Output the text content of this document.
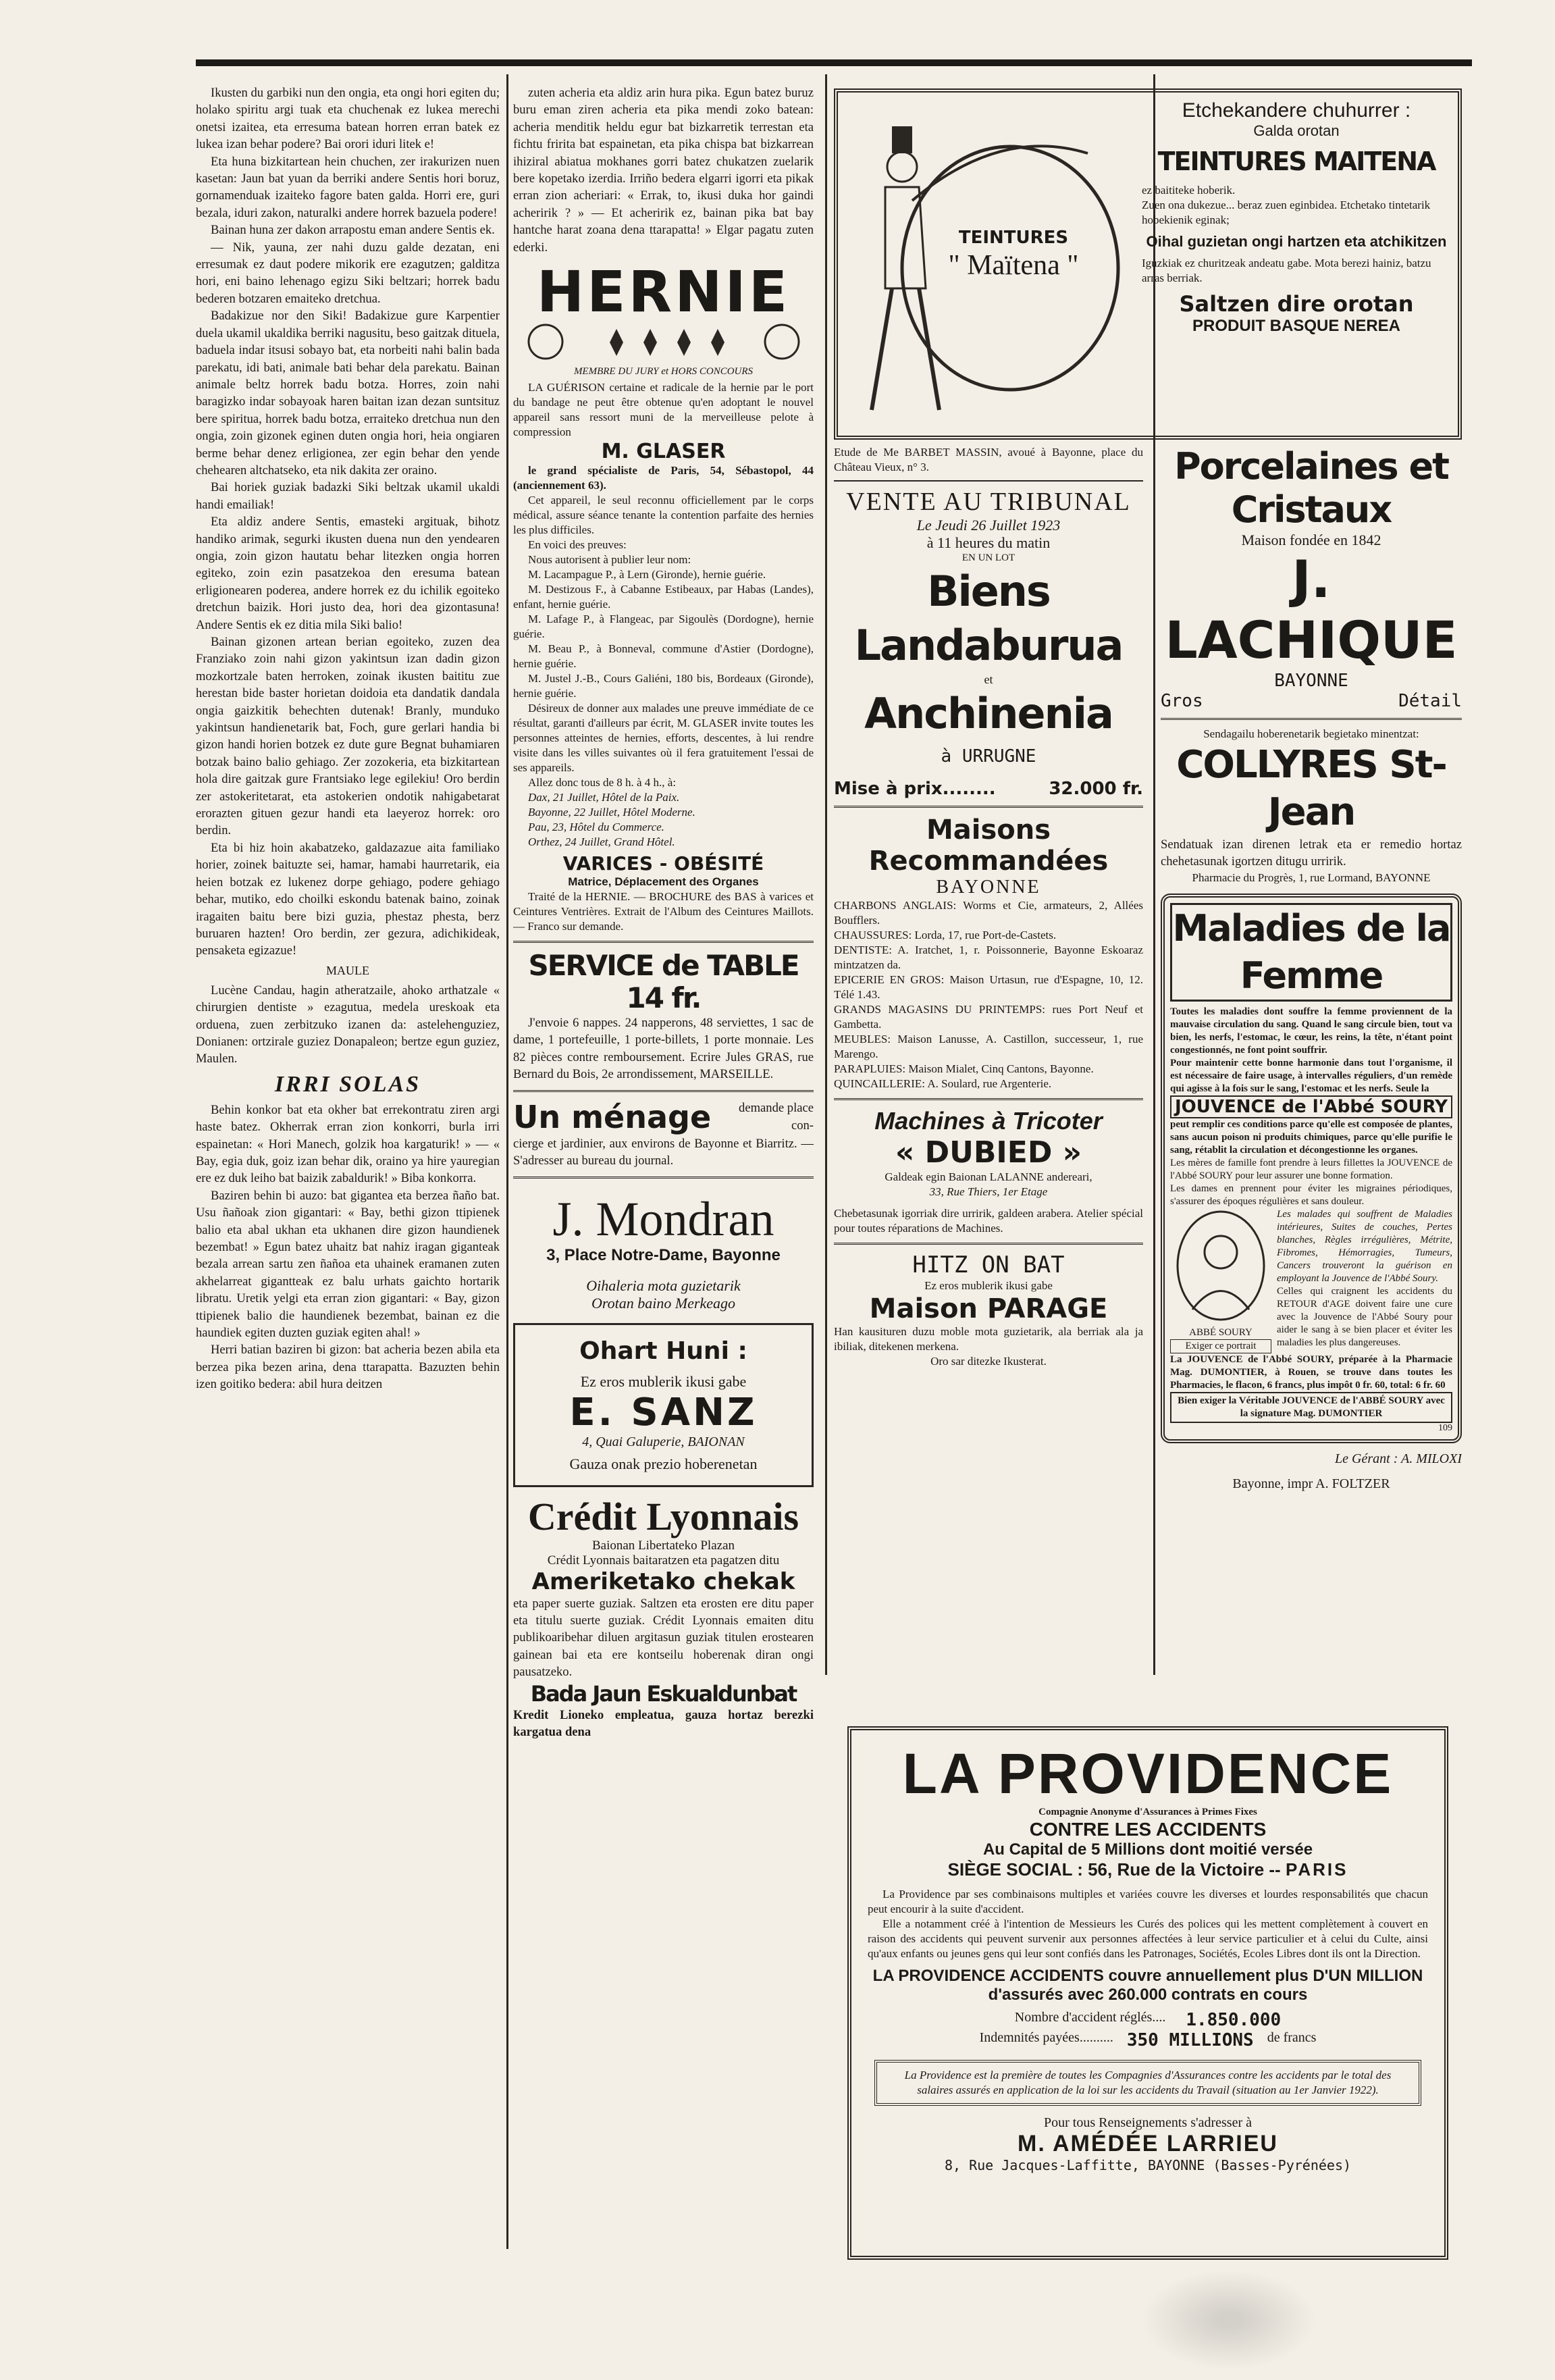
Ikusten du garbiki nun den ongia, eta ongi hori egiten du; holako spiritu argi tuak eta chuchenak ez lukea merechi onetsi izaitea, eta erresuma batean horren erran batek ez lukea izan behar podere? Bai orori iduri litek e!

Eta huna bizkitartean hein chuchen, zer irakurizen nuen kasetan: Jaun bat yuan da berriki andere Sentis hori boruz, gornamenduak izaiteko fagore baten galda. Horri ere, guri bezala, iduri zakon, naturalki andere horrek bazuela podere!

Bainan huna zer dakon arrapostu eman andere Sentis ek.

— Nik, yauna, zer nahi duzu galde dezatan, eni erresumak ez daut podere mikorik ere ezagutzen; galditza hori, eni baino lehenago egizu Siki beltzari; horrek badu bederen botzaren emaiteko dretchua.

Badakizue nor den Siki! Badakizue gure Karpentier duela ukamil ukaldika berriki nagusitu, beso gaitzak dituela, baduela indar itsusi sobayo bat, eta norbeiti nahi balin bada parekatu, idi bati, animale bati behar dela parekatu. Bainan animale beltz horrek badu botza. Horres, zoin nahi baragizko indar sobayoak haren baitan izan dezan suntsituz bere spiritua, horrek badu botza, erraiteko dretchua nun den ongia, zoin gizonek eginen duten ongia hori, heia ongiaren berme behar denez erligionea, zer egin behar den yende chehearen altchatseko, eta nik dakita zer oraino.

Bai horiek guziak badazki Siki beltzak ukamil ukaldi handi emailiak!

Eta aldiz andere Sentis, emasteki argituak, bihotz handiko arimak, segurki ikusten duena nun den yendearen ongia, zoin gizon hautatu behar litezken ongia horren egiteko, zoin ezin pasatzekoa den eresuma batean erligionearen poderea, andere horrek ez du ichilik egoiteko dretchun baizik. Hori justo dea, hori dea gizontasuna! Andere Sentis ek ez ditia mila Siki balio!

Bainan gizonen artean berian egoiteko, zuzen dea Franziako zoin nahi gizon yakintsun izan dadin gizon mozkortzale baten herroken, zoinak ikusten baititu zue herestan bide baster horietan doidoia eta dandatik dandala ongia gaizkitik behechten dutenak! Branly, munduko yakintsun handienetarik bat, Foch, gure gerlari handia bi gizon handi horien botzek ez dute gure Begnat buhamiaren botzak baino balio gehiago. Zer zozokeria, eta bizkitartean hola dire gaitzak gure Frantsiako lege egilekiu! Oro berdin zer astokeritetarat, eta astokerien ondotik nahigabetarat erorazten gituen gezur handi eta laeyeroz horrek: oro berdin.

Eta bi hiz hoin akabatzeko, galdazazue aita familiako horier, zoinek baituzte sei, hamar, hamabi haurretarik, eia heien botzak ez lukenez dorpe gehiago, podere gehiago behar, mutiko, edo choilki eskondu batenak baino, zoinak iragaiten baitu bere bizi guzia, phestaz phesta, berz buruaren hazten! Oro berdin, zer gezura, adichikideak, pensaketa egizazue!

MAULE

Lucène Candau, hagin atheratzaile, ahoko arthatzale « chirurgien dentiste » ezagutua, medela ureskoak eta orduena, zuen zerbitzuko izanen da: astelehenguziez, Donianen: ortzirale guziez Donapaleon; bertze egun guziez, Maulen.

IRRI SOLAS

Behin konkor bat eta okher bat errekontratu ziren argi haste batez. Okherrak erran zion konkorri, burla irri espainetan: « Hori Manech, golzik hoa kargaturik! » — « Bay, egia duk, goiz izan behar dik, oraino ya hire yauregian ere ez duk leiho bat baizik zabaldurik! » Biba konkorra.

Baziren behin bi auzo: bat gigantea eta berzea ñaño bat. Usu ñañoak zion gigantari: « Bay, bethi gizon ttipienek balio eta abal ukhan eta ukhanen dire gizon haundienek bezembat! » Egun batez uhaitz bat nahiz iragan giganteak bezala arrean sartu zen ñañoa eta uhainek eramanen zuten akhelarreat gigantteak ez balu urhats gaichto hortarik libratu. Uretik yelgi eta erran zion gigantari: « Bay, gizon ttipienek balio die haundienek bezembat, bainan ez die haundiek egiten duzten guziak egiten ahal! »

Herri batian baziren bi gizon: bat acheria bezen abila eta berzea pika bezen arina, dena ttarapatta. Bazuzten behin izen goitiko bedera: abil hura deitzen

zuten acheria eta aldiz arin hura pika. Egun batez buruz buru eman ziren acheria eta pika mendi zoko batean: acheria menditik heldu egur bat bizkarretik terrestan eta fichtu fririta bat espainetan, eta pika chispa bat bizkarrean ihiziral abiatua mokhanes gorri batez chukatzen zuelarik bere kopetako izerdia. Irriño bedera elgarri igorri eta pikak erran zion acheriari: « Errak, to, ikusi duka hor gaindi acheririk ? » — Et acheririk ez, bainan pika bat bay hantche harat zoana dena ttarapatta! » Elgar pagatu zuten ederki.

HERNIE
MEMBRE DU JURY et HORS CONCOURS

LA GUÉRISON certaine et radicale de la hernie par le port du bandage ne peut être obtenue qu'en adoptant le nouvel appareil sans ressort muni de la merveilleuse pelote à compression

M. GLASER

le grand spécialiste de Paris, 54, Sébastopol, 44 (anciennement 63).

Cet appareil, le seul reconnu officiellement par le corps médical, assure séance tenante la contention parfaite des hernies les plus difficiles.

En voici des preuves:

Nous autorisent à publier leur nom:

M. Lacampague P., à Lern (Gironde), hernie guérie.

M. Destizous F., à Cabanne Estibeaux, par Habas (Landes), enfant, hernie guérie.

M. Lafage P., à Flangeac, par Sigoulès (Dordogne), hernie guérie.

M. Beau P., à Bonneval, commune d'Astier (Dordogne), hernie guérie.

M. Justel J.-B., Cours Galiéni, 180 bis, Bordeaux (Gironde), hernie guérie.

Désireux de donner aux malades une preuve immédiate de ce résultat, garanti d'ailleurs par écrit, M. GLASER invite toutes les personnes atteintes de hernies, efforts, descentes, à lui rendre visite dans les villes suivantes où il fera gratuitement l'essai de ses appareils.

Allez donc tous de 8 h. à 4 h., à:

Dax, 21 Juillet, Hôtel de la Paix.

Bayonne, 22 Juillet, Hôtel Moderne.

Pau, 23, Hôtel du Commerce.

Orthez, 24 Juillet, Grand Hôtel.

VARICES - OBÉSITÉ
Matrice, Déplacement des Organes

Traité de la HERNIE. — BROCHURE des BAS à varices et Ceintures Ventrières. Extrait de l'Album des Ceintures Maillots. — Franco sur demande.

SERVICE de TABLE 14 fr.

J'envoie 6 nappes. 24 napperons, 48 serviettes, 1 sac de dame, 1 portefeuille, 1 porte-billets, 1 porte monnaie. Les 82 pièces contre remboursement. Ecrire Jules GRAS, rue Bernard du Bois, 2e arrondissement, MARSEILLE.

Un ménage	demande place con-

cierge et jardinier, aux environs de Bayonne et Biarritz. — S'adresser au bureau du journal.

J. Mondran
3, Place Notre-Dame, Bayonne
Oihaleria mota guzietarik
Orotan baino Merkeago
Ohart Huni :
Ez eros mublerik ikusi gabe
E. SANZ
4, Quai Galuperie, BAIONAN
Gauza onak prezio hoberenetan
Crédit Lyonnais
Baionan Libertateko Plazan
Crédit Lyonnais baitaratzen eta pagatzen ditu
Ameriketako chekak

eta paper suerte guziak. Saltzen eta erosten ere ditu paper eta titulu suerte guziak. Crédit Lyonnais emaiten ditu publikoaribehar diluen argitasun guziak titulen erostearen gainean bai eta ere kontseilu hoberenak diran ongi pausatzeko.

Bada Jaun Eskualdunbat

Kredit Lioneko empleatua, gauza hortaz berezki kargatua dena

TEINTURES
" Maïtena "
Etchekandere chuhurrer :
Galda orotan
TEINTURES MAITENA
ez baititeke hoberik.
Zuen ona dukezue... beraz zuen eginbidea. Etchetako tintetarik hobekienik eginak;
Oihal guzietan ongi hartzen eta atchikitzen
Iguzkiak ez churitzeak andeatu gabe. Mota berezi hainiz, batzu arras berriak.
Saltzen dire orotan
PRODUIT BASQUE NEREA

Etude de Me BARBET MASSIN, avoué à Bayonne, place du Château Vieux, n° 3.

VENTE AU TRIBUNAL
Le Jeudi 26 Juillet 1923
à 11 heures du matin
EN UN LOT
Biens Landaburua
et
Anchinenia
à URRUGNE
Mise à prix........	32.000 fr.
Maisons Recommandées
BAYONNE

CHARBONS ANGLAIS: Worms et Cie, armateurs, 2, Allées Boufflers.

CHAUSSURES: Lorda, 17, rue Port-de-Castets.

DENTISTE: A. Iratchet, 1, r. Poissonnerie, Bayonne Eskoaraz mintzatzen da.

EPICERIE EN GROS: Maison Urtasun, rue d'Espagne, 10, 12. Télé 1.43.

GRANDS MAGASINS DU PRINTEMPS: rues Port Neuf et Gambetta.

MEUBLES: Maison Lanusse, A. Castillon, successeur, 1, rue Marengo.

PARAPLUIES: Maison Mialet, Cinq Cantons, Bayonne.

QUINCAILLERIE: A. Soulard, rue Argenterie.

Machines à Tricoter
« DUBIED »
Galdeak egin Baionan LALANNE andereari,
33, Rue Thiers, 1er Etage

Chebetasunak igorriak dire urririk, galdeen arabera. Atelier spécial pour toutes réparations de Machines.

HITZ ON BAT
Ez eros mublerik ikusi gabe
Maison PARAGE

Han kausituren duzu moble mota guzietarik, ala berriak ala ja ibiliak, ditekenen merkena.

Oro sar ditezke Ikusterat.
Porcelaines et Cristaux
Maison fondée en 1842
J. LACHIQUE
BAYONNE
Gros	Détail
Sendagailu hoberenetarik begietako minentzat:
COLLYRES St-Jean

Sendatuak izan direnen letrak eta er remedio hortaz chehetasunak igortzen ditugu urririk.

Pharmacie du Progrès, 1, rue Lormand, BAYONNE
Maladies de la Femme

Toutes les maladies dont souffre la femme proviennent de la mauvaise circulation du sang. Quand le sang circule bien, tout va bien, les nerfs, l'estomac, le cœur, les reins, la tête, n'étant point congestionnés, ne font point souffrir.

Pour maintenir cette bonne harmonie dans tout l'organisme, il est nécessaire de faire usage, à intervalles réguliers, d'un remède qui agisse à la fois sur le sang, l'estomac et les nerfs. Seule la

JOUVENCE de l'Abbé SOURY

peut remplir ces conditions parce qu'elle est composée de plantes, sans aucun poison ni produits chimiques, parce qu'elle purifie le sang, rétablit la circulation et décongestionne les organes.

Les mères de famille font prendre à leurs fillettes la JOUVENCE de l'Abbé SOURY pour leur assurer une bonne formation.

Les dames en prennent pour éviter les migraines périodiques, s'assurer des époques régulières et sans douleur.

ABBÉ SOURY
Exiger ce portrait

Les malades qui souffrent de Maladies intérieures, Suites de couches, Pertes blanches, Règles irrégulières, Métrite, Fibromes, Hémorragies, Tumeurs, Cancers trouveront la guérison en employant la Jouvence de l'Abbé Soury.

Celles qui craignent les accidents du RETOUR d'AGE doivent faire une cure avec la Jouvence de l'Abbé Soury pour aider le sang à se bien placer et éviter les maladies les plus dangereuses.

La JOUVENCE de l'Abbé SOURY, préparée à la Pharmacie Mag. DUMONTIER, à Rouen, se trouve dans toutes les Pharmacies, le flacon, 6 francs, plus impôt 0 fr. 60, total: 6 fr. 60

Bien exiger la Véritable JOUVENCE de l'ABBÉ SOURY avec la signature Mag. DUMONTIER
109
Le Gérant : A. MILOXI
Bayonne, impr A. FOLTZER
LA PROVIDENCE
Compagnie Anonyme d'Assurances à Primes Fixes
CONTRE LES ACCIDENTS
Au Capital de 5 Millions dont moitié versée
SIÈGE SOCIAL : 56, Rue de la Victoire -- PARIS

La Providence par ses combinaisons multiples et variées couvre les diverses et lourdes responsabilités que chacun peut encourir à la suite d'accident.

Elle a notamment créé à l'intention de Messieurs les Curés des polices qui les mettent complètement à couvert en raison des accidents qui peuvent survenir aux personnes affectées à leur service particulier et à celui du Culte, ainsi qu'aux enfants ou jeunes gens qui leur sont confiés dans les Patronages, Sociétés, Ecoles Libres dont ils ont la Direction.

LA PROVIDENCE ACCIDENTS couvre annuellement plus D'UN MILLION d'assurés avec 260.000 contrats en cours

Nombre d'accident réglés.... 1.850.000
Indemnités payées.......... 350 MILLIONS de francs
La Providence est la première de toutes les Compagnies d'Assurances contre les accidents par le total des salaires assurés en application de la loi sur les accidents du Travail (situation au 1er Janvier 1922).
Pour tous Renseignements s'adresser à
M. AMÉDÉE LARRIEU
8, Rue Jacques-Laffitte, BAYONNE (Basses-Pyrénées)
